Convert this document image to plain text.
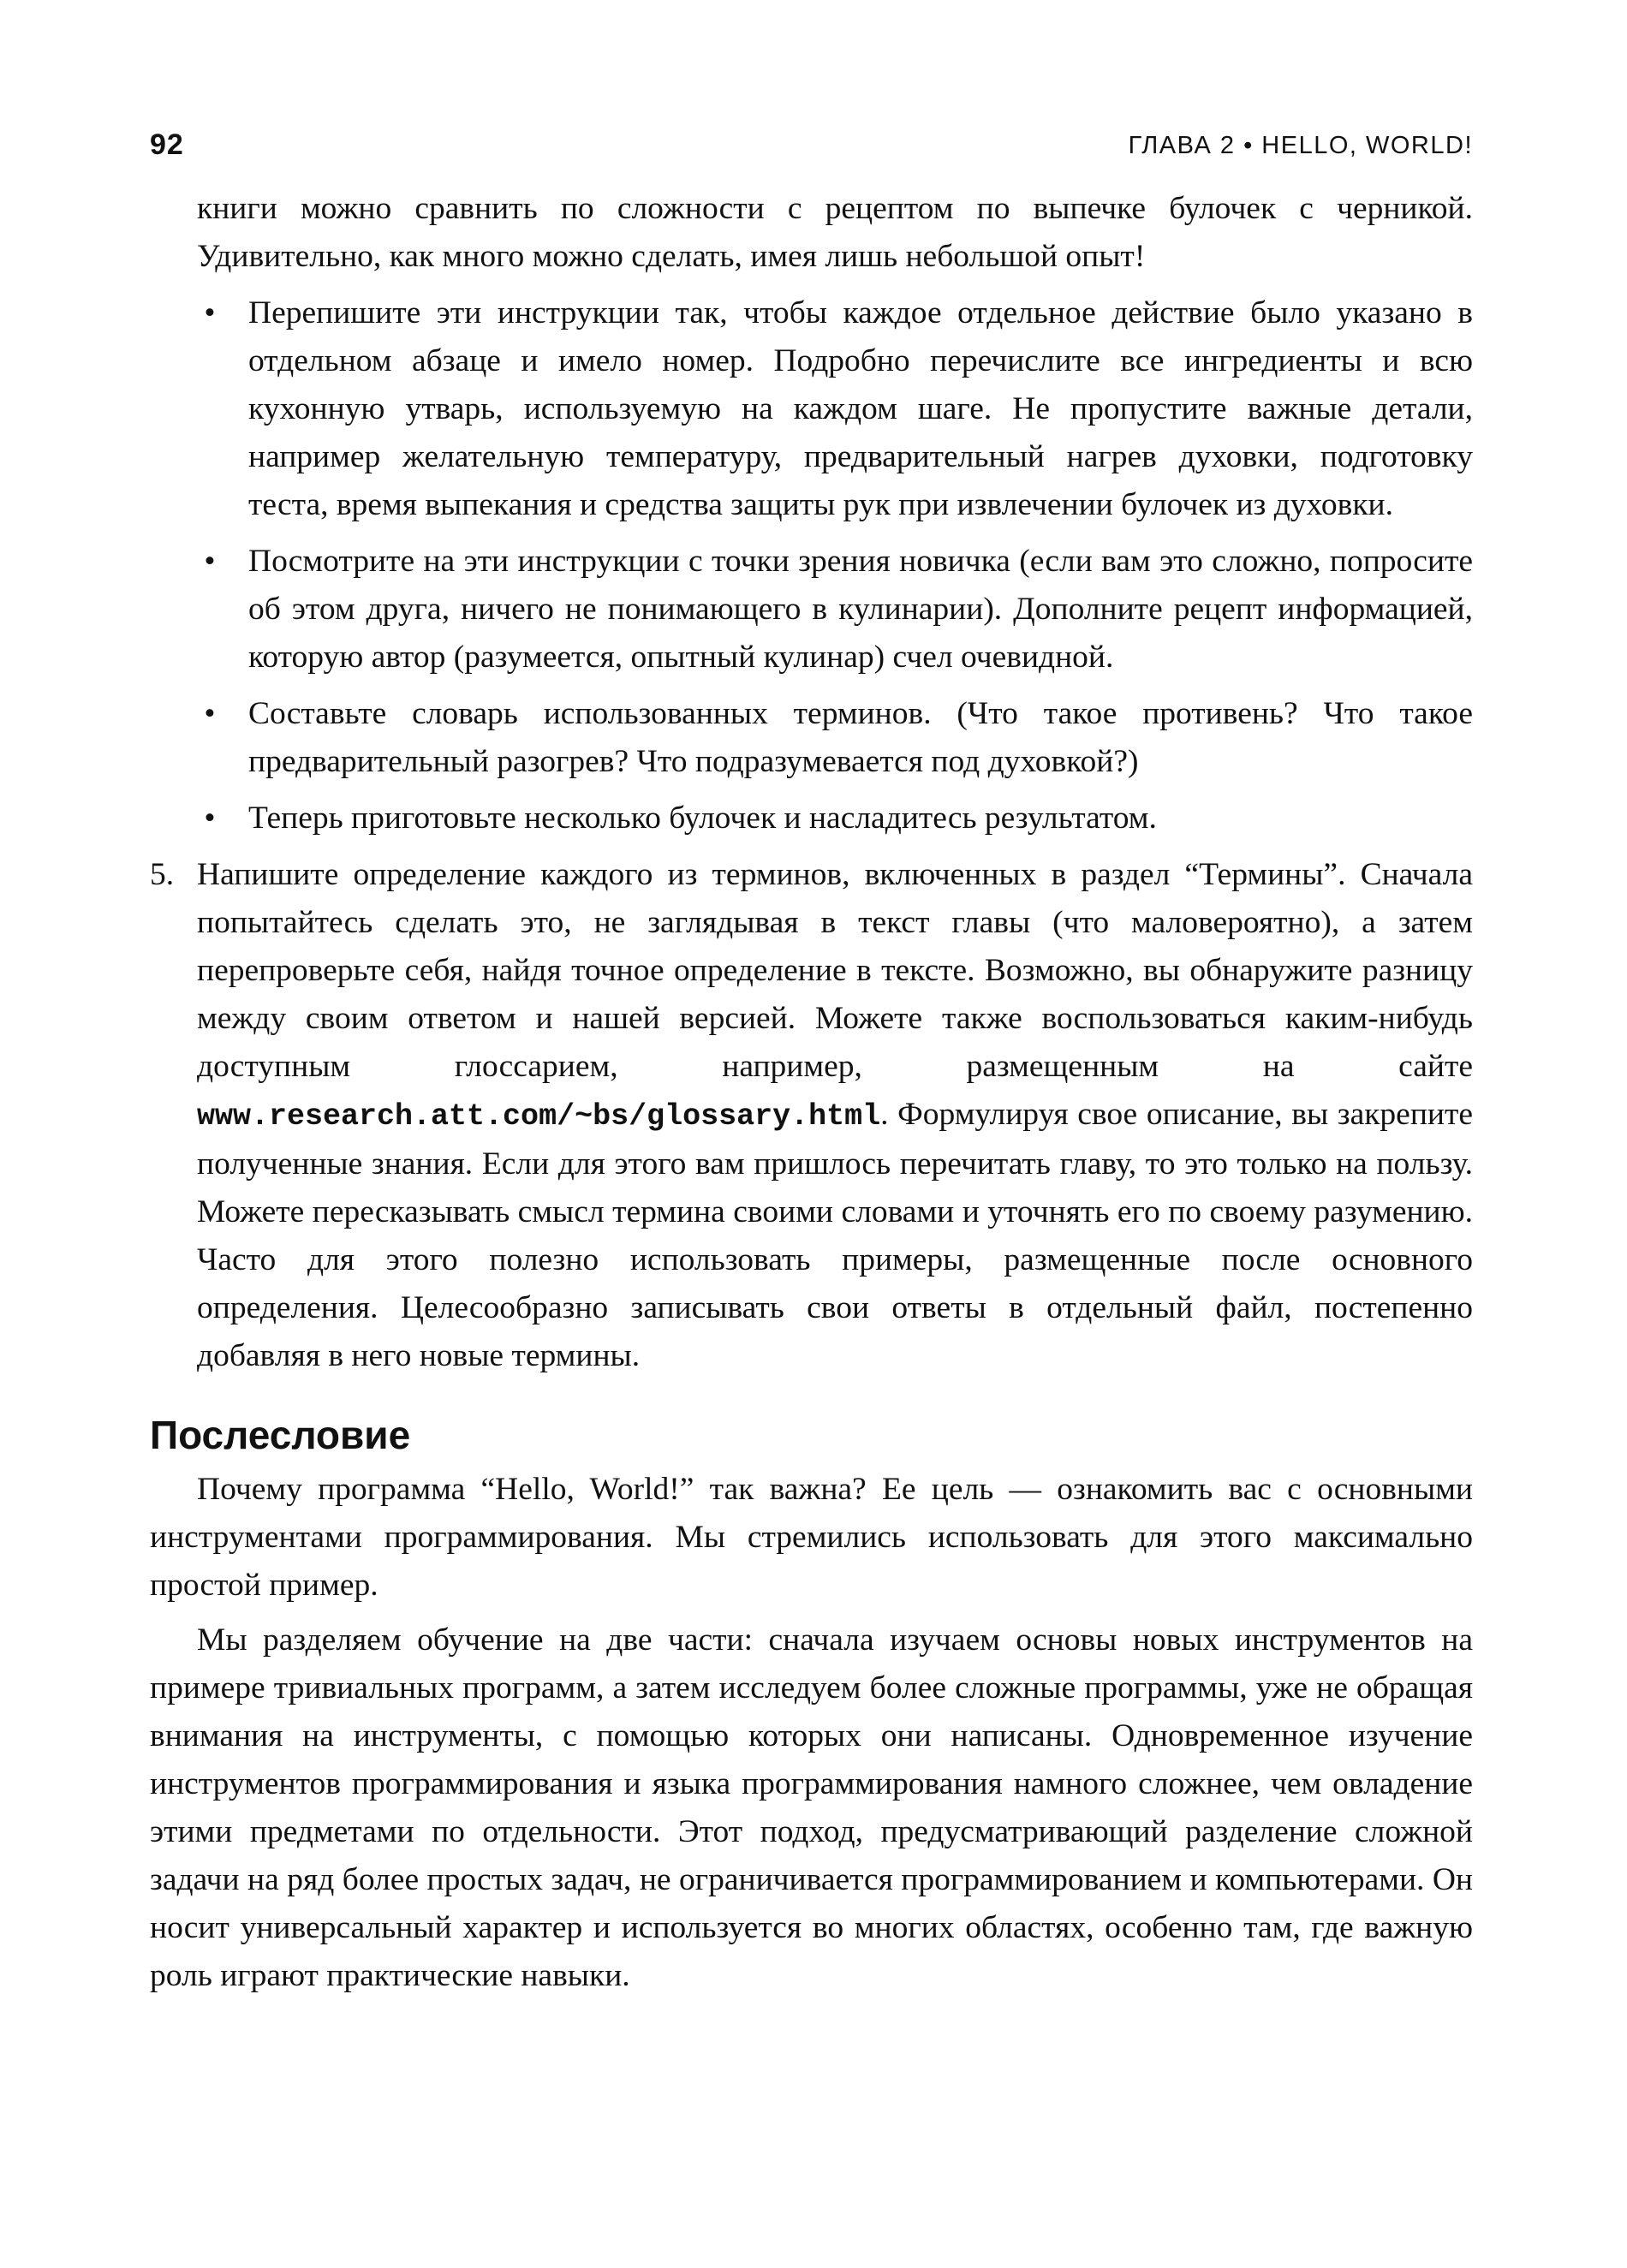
92	ГЛАВА 2 • HELLO, WORLD!

книги можно сравнить по сложности с рецептом по выпечке булочек с черникой. Удивительно, как много можно сделать, имея лишь небольшой опыт!

• Перепишите эти инструкции так, чтобы каждое отдельное действие было указано в отдельном абзаце и имело номер. Подробно перечислите все ингредиенты и всю кухонную утварь, используемую на каждом шаге. Не пропустите важные детали, например желательную температуру, предварительный нагрев духовки, подготовку теста, время выпекания и средства защиты рук при извлечении булочек из духовки.
• Посмотрите на эти инструкции с точки зрения новичка (если вам это сложно, попросите об этом друга, ничего не понимающего в кулинарии). Дополните рецепт информацией, которую автор (разумеется, опытный кулинар) счел очевидной.
• Составьте словарь использованных терминов. (Что такое противень? Что такое предварительный разогрев? Что подразумевается под духовкой?)
• Теперь приготовьте несколько булочек и насладитесь результатом.

5. Напишите определение каждого из терминов, включенных в раздел “Термины”. Сначала попытайтесь сделать это, не заглядывая в текст главы (что маловероятно), а затем перепроверьте себя, найдя точное определение в тексте. Возможно, вы обнаружите разницу между своим ответом и нашей версией. Можете также воспользоваться каким-нибудь доступным глоссарием, например, размещенным на сайте www.research.att.com/~bs/glossary.html. Формулируя свое описание, вы закрепите полученные знания. Если для этого вам пришлось перечитать главу, то это только на пользу. Можете пересказывать смысл термина своими словами и уточнять его по своему разумению. Часто для этого полезно использовать примеры, размещенные после основного определения. Целесообразно записывать свои ответы в отдельный файл, постепенно добавляя в него новые термины.

Послесловие

Почему программа “Hello, World!” так важна? Ее цель — ознакомить вас с основными инструментами программирования. Мы стремились использовать для этого максимально простой пример.

Мы разделяем обучение на две части: сначала изучаем основы новых инструментов на примере тривиальных программ, а затем исследуем более сложные программы, уже не обращая внимания на инструменты, с помощью которых они написаны. Одновременное изучение инструментов программирования и языка программирования намного сложнее, чем овладение этими предметами по отдельности. Этот подход, предусматривающий разделение сложной задачи на ряд более простых задач, не ограничивается программированием и компьютерами. Он носит универсальный характер и используется во многих областях, особенно там, где важную роль играют практические навыки.
